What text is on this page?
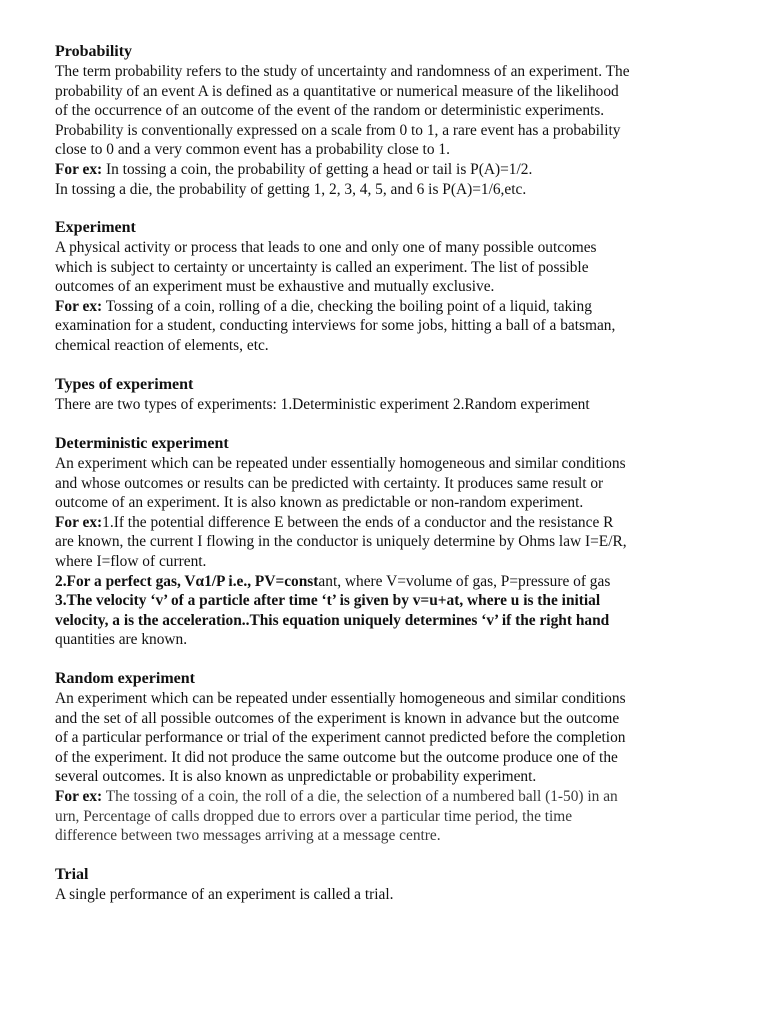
Probability
The term probability refers to the study of uncertainty and randomness of an experiment. The
probability of an event A is defined as a quantitative or numerical measure of the likelihood
of the occurrence of an outcome of the event of the random or deterministic experiments.
Probability is conventionally expressed on a scale from 0 to 1, a rare event has a probability
close to 0 and a very common event has a probability close to 1.
For ex: In tossing a coin, the probability of getting a head or tail is P(A)=1/2.
In tossing a die, the probability of getting 1, 2, 3, 4, 5, and 6 is P(A)=1/6,etc.
Experiment
A physical activity or process that leads to one and only one of many possible outcomes
which is subject to certainty or uncertainty is called an experiment. The list of possible
outcomes of an experiment must be exhaustive and mutually exclusive.
For ex: Tossing of a coin, rolling of a die, checking the boiling point of a liquid, taking
examination for a student, conducting interviews for some jobs, hitting a ball of a batsman,
chemical reaction of elements, etc.
Types of experiment
There are two types of experiments: 1.Deterministic experiment 2.Random experiment
Deterministic experiment
An experiment which can be repeated under essentially homogeneous and similar conditions
and whose outcomes or results can be predicted with certainty. It produces same result or
outcome of an experiment. It is also known as predictable or non-random experiment.
For ex:1.If the potential difference E between the ends of a conductor and the resistance R
are known, the current I flowing in the conductor is uniquely determine by Ohms law I=E/R,
where I=flow of current.
2.For a perfect gas, Vα1/P i.e., PV=constant, where V=volume of gas, P=pressure of gas
3.The velocity ‘v’ of a particle after time ‘t’ is given by v=u+at, where u is the initial
velocity, a is the acceleration..This equation uniquely determines ‘v’ if the right hand
quantities are known.
Random experiment
An experiment which can be repeated under essentially homogeneous and similar conditions
and the set of all possible outcomes of the experiment is known in advance but the outcome
of a particular performance or trial of the experiment cannot predicted before the completion
of the experiment. It did not produce the same outcome but the outcome produce one of the
several outcomes. It is also known as unpredictable or probability experiment.
For ex: The tossing of a coin, the roll of a die, the selection of a numbered ball (1-50) in an
urn, Percentage of calls dropped due to errors over a particular time period, the time
difference between two messages arriving at a message centre.
Trial
A single performance of an experiment is called a trial.
